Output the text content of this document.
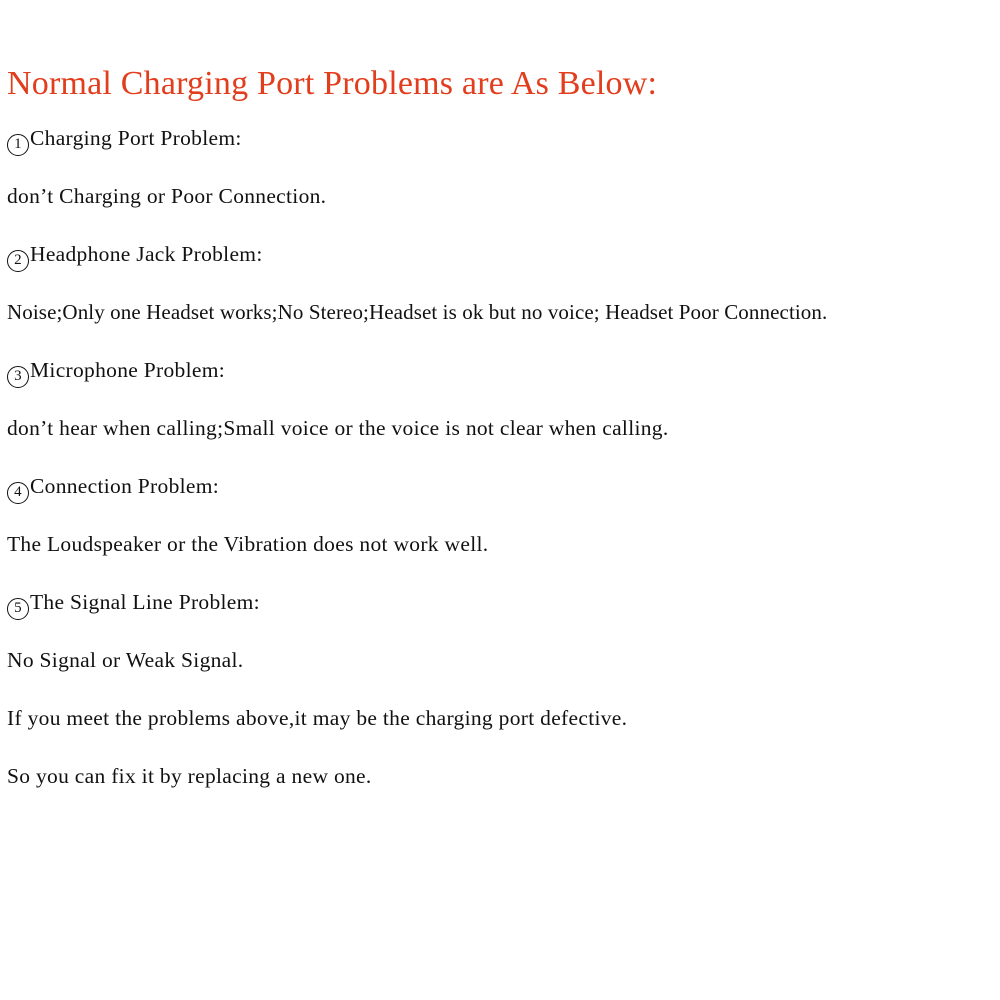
Normal Charging Port Problems are As Below:
1 Charging Port Problem:
don’t Charging or Poor Connection.
2 Headphone Jack Problem:
Noise;Only one Headset works;No Stereo;Headset is ok but no voice; Headset Poor Connection.
3 Microphone Problem:
don’t hear when calling;Small voice or the voice is not clear when calling.
4 Connection Problem:
The Loudspeaker or the Vibration does not work well.
5 The Signal Line Problem:
No Signal or Weak Signal.
If you meet the problems above,it may be the charging port defective.
So you can fix it by replacing a new one.
